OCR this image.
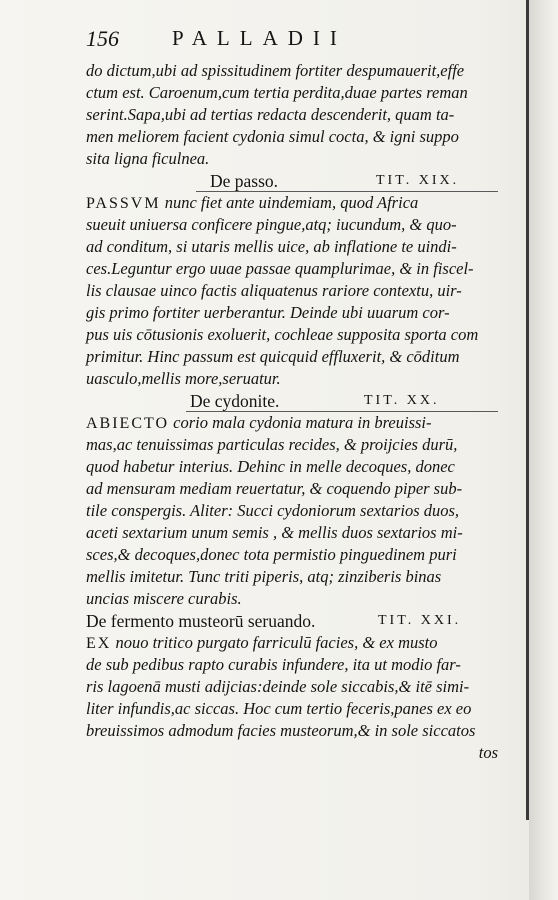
156	PALLADII
do dictum,ubi ad spissitudinem fortiter despumauerit,effe
ctum est. Caroenum,cum tertia perdita,duae partes reman
serint.Sapa,ubi ad tertias redacta descenderit, quam ta-
men meliorem facient cydonia simul cocta, & igni suppo
sita ligna ficulnea.
De passo.	TIT. XIX.
PASSVM nunc fiet ante uindemiam, quod Africa
sueuit uniuersa conficere pingue,atq; iucundum, & quo-
ad conditum, si utaris mellis uice, ab inflatione te uindi-
ces.Leguntur ergo uuae passae quamplurimae, & in fiscel-
lis clausae uinco factis aliquatenus rariore contextu, uir-
gis primo fortiter uerberantur. Deinde ubi uuarum cor-
pus uis cōtusionis exoluerit, cochleae supposita sporta com
primitur. Hinc passum est quicquid effluxerit, & cōditum
uasculo,mellis more,seruatur.
De cydonite.	TIT. XX.
ABIECTO corio mala cydonia matura in breuissi-
mas,ac tenuissimas particulas recides, & proijcies durū,
quod habetur interius. Dehinc in melle decoques, donec
ad mensuram mediam reuertatur, & coquendo piper sub-
tile conspergis. Aliter: Succi cydoniorum sextarios duos,
aceti sextarium unum semis , & mellis duos sextarios mi-
sces,& decoques,donec tota permistio pinguedinem puri
mellis imitetur. Tunc triti piperis, atq; zinziberis binas
uncias miscere curabis.
De fermento musteorū seruando.	TIT. XXI.
EX nouo tritico purgato farriculū facies, & ex musto
de sub pedibus rapto curabis infundere, ita ut modio far-
ris lagoenā musti adijcias:deinde sole siccabis,& itē simi-
liter infundis,ac siccas. Hoc cum tertio feceris,panes ex eo
breuissimos admodum facies musteorum,& in sole siccatos
tos
